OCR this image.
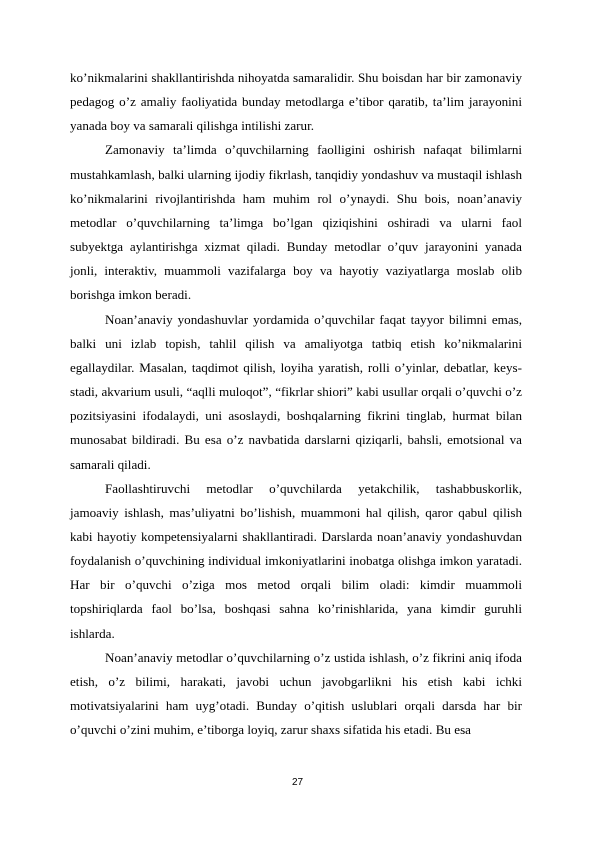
ko’nikmalarini shakllantirishda nihoyatda samaralidir. Shu boisdan har bir zamonaviy pedagog o’z amaliy faoliyatida bunday metodlarga e’tibor qaratib, ta’lim jarayonini yanada boy va samarali qilishga intilishi zarur.

Zamonaviy ta’limda o’quvchilarning faolligini oshirish nafaqat bilimlarni mustahkamlash, balki ularning ijodiy fikrlash, tanqidiy yondashuv va mustaqil ishlash ko’nikmalarini rivojlantirishda ham muhim rol o’ynaydi. Shu bois, noan’anaviy metodlar o’quvchilarning ta’limga bo’lgan qiziqishini oshiradi va ularni faol subyektga aylantirishga xizmat qiladi. Bunday metodlar o’quv jarayonini yanada jonli, interaktiv, muammoli vazifalarga boy va hayotiy vaziyatlarga moslab olib borishga imkon beradi.

Noan’anaviy yondashuvlar yordamida o’quvchilar faqat tayyor bilimni emas, balki uni izlab topish, tahlil qilish va amaliyotga tatbiq etish ko’nikmalarini egallaydilar. Masalan, taqdimot qilish, loyiha yaratish, rolli o’yinlar, debatlar, keys-stadi, akvarium usuli, “aqlli muloqot”, “fikrlar shiori” kabi usullar orqali o’quvchi o’z pozitsiyasini ifodalaydi, uni asoslaydi, boshqalarning fikrini tinglab, hurmat bilan munosabat bildiradi. Bu esa o’z navbatida darslarni qiziqarli, bahsli, emotsional va samarali qiladi.

Faollashtiruvchi metodlar o’quvchilarda yetakchilik, tashabbuskorlik, jamoaviy ishlash, mas’uliyatni bo’lishish, muammoni hal qilish, qaror qabul qilish kabi hayotiy kompetensiyalarni shakllantiradi. Darslarda noan’anaviy yondashuvdan foydalanish o’quvchining individual imkoniyatlarini inobatga olishga imkon yaratadi. Har bir o’quvchi o’ziga mos metod orqali bilim oladi: kimdir muammoli topshiriqlarda faol bo’lsa, boshqasi sahna ko’rinishlarida, yana kimdir guruhli ishlarda.

Noan’anaviy metodlar o’quvchilarning o’z ustida ishlash, o’z fikrini aniq ifoda etish, o’z bilimi, harakati, javobi uchun javobgarlikni his etish kabi ichki motivatsiyalarini ham uyg’otadi. Bunday o’qitish uslublari orqali darsda har bir o’quvchi o’zini muhim, e’tiborga loyiq, zarur shaxs sifatida his etadi. Bu esa

27
